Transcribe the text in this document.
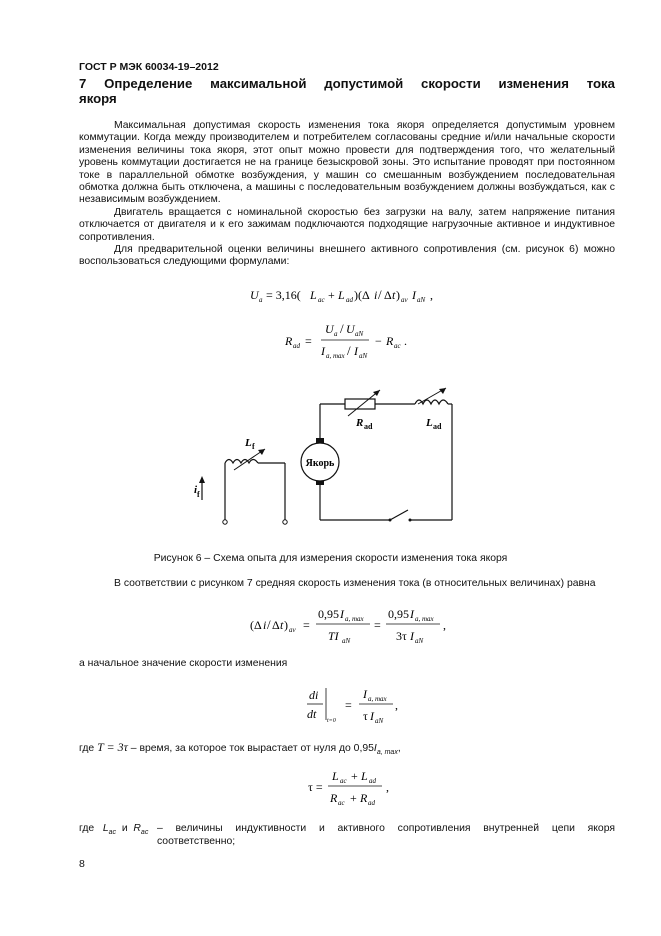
ГОСТ Р МЭК 60034-19–2012
7 Определение максимальной допустимой скорости изменения тока
якоря

Максимальная допустимая скорость изменения тока якоря определяется допустимым уровнем коммутации. Когда между производителем и потребителем согласованы средние и/или начальные скорости изменения величины тока якоря, этот опыт можно провести для подтверждения того, что желательный уровень коммутации достигается не на границе безыскровой зоны. Это испытание проводят при постоянном токе в параллельной обмотке возбуждения, у машин со смешанным возбуждением последовательная обмотка должна быть отключена, а машины с последовательным возбуждением должны возбуждаться, как с независимым возбуждением.

Двигатель вращается с номинальной скоростью без загрузки на валу, затем напряжение питания отключается от двигателя и к его зажимам подключаются подходящие нагрузочные активное и индуктивное сопротивления.

Для предварительной оценки величины внешнего активного сопротивления (см. рисунок 6) можно воспользоваться следующими формулами:

U a = 3,16( L ac + L ad )(Δ i / Δ t ) av I aN ,
R ad =
U a / U aN
I a, max / I aN
− R ac .
Якорь
R ad	L ad
L f
i f
Рисунок 6 – Схема опыта для измерения скорости изменения тока якоря

В соответствии с рисунком 7 средняя скорость изменения тока (в относительных величинах) равна

(Δ i / Δ t ) av =
0,95 I a, max
TI aN
=
0,95 I a, max
3τ I aN
,

а начальное значение скорости изменения

di
dt t=0
=
I a, max
τ I aN
,

где T = 3τ – время, за которое ток вырастает от нуля до $0,95I_{a, max}$,

τ =
L ac + L ad
R ac + R ad
,
где $L_{ac}$ и $R_{ac}$ – величины индуктивности и активного сопротивления внутренней цепи якоря соответственно;
8
